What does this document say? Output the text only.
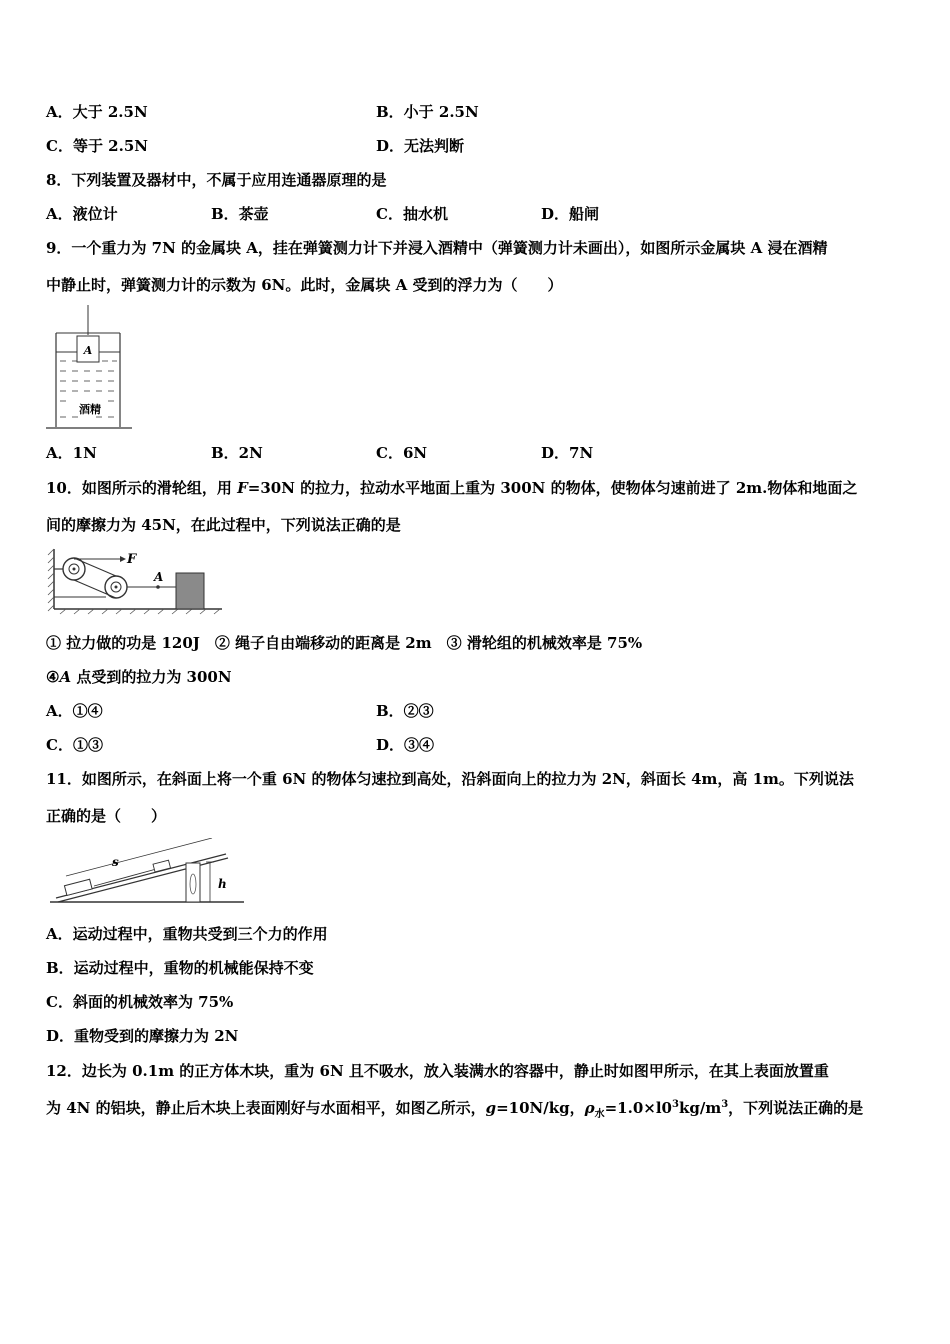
A．大于 2.5N	B．小于 2.5N
C．等于 2.5N	D．无法判断
8．下列装置及器材中，不属于应用连通器原理的是
A．液位计	B．茶壶	C．抽水机	D．船闸
9．一个重力为 7N 的金属块 A，挂在弹簧测力计下并浸入酒精中（弹簧测力计未画出），如图所示金属块 A 浸在酒精
中静止时，弹簧测力计的示数为 6N。此时，金属块 A 受到的浮力为（　　）
A
酒精
A．1N	B．2N	C．6N	D．7N
10．如图所示的滑轮组，用 F=30N 的拉力，拉动水平地面上重为 300N 的物体，使物体匀速前进了 2m.物体和地面之
间的摩擦力为 45N，在此过程中，下列说法正确的是
F
A
① 拉力做的功是 120J　② 绳子自由端移动的距离是 2m　③ 滑轮组的机械效率是 75%
④A 点受到的拉力为 300N
A．①④	B．②③
C．①③	D．③④
11．如图所示，在斜面上将一个重 6N 的物体匀速拉到高处，沿斜面向上的拉力为 2N，斜面长 4m，高 1m。下列说法
正确的是（　　）
h
s
A．运动过程中，重物共受到三个力的作用
B．运动过程中，重物的机械能保持不变
C．斜面的机械效率为 75%
D．重物受到的摩擦力为 2N
12．边长为 0.1m 的正方体木块，重为 6N 且不吸水，放入装满水的容器中，静止时如图甲所示，在其上表面放置重
为 4N 的铝块，静止后木块上表面刚好与水面相平，如图乙所示，g=10N/kg，$\rho_水=1.0\times l0^3kg/m^3$，下列说法正确的是
